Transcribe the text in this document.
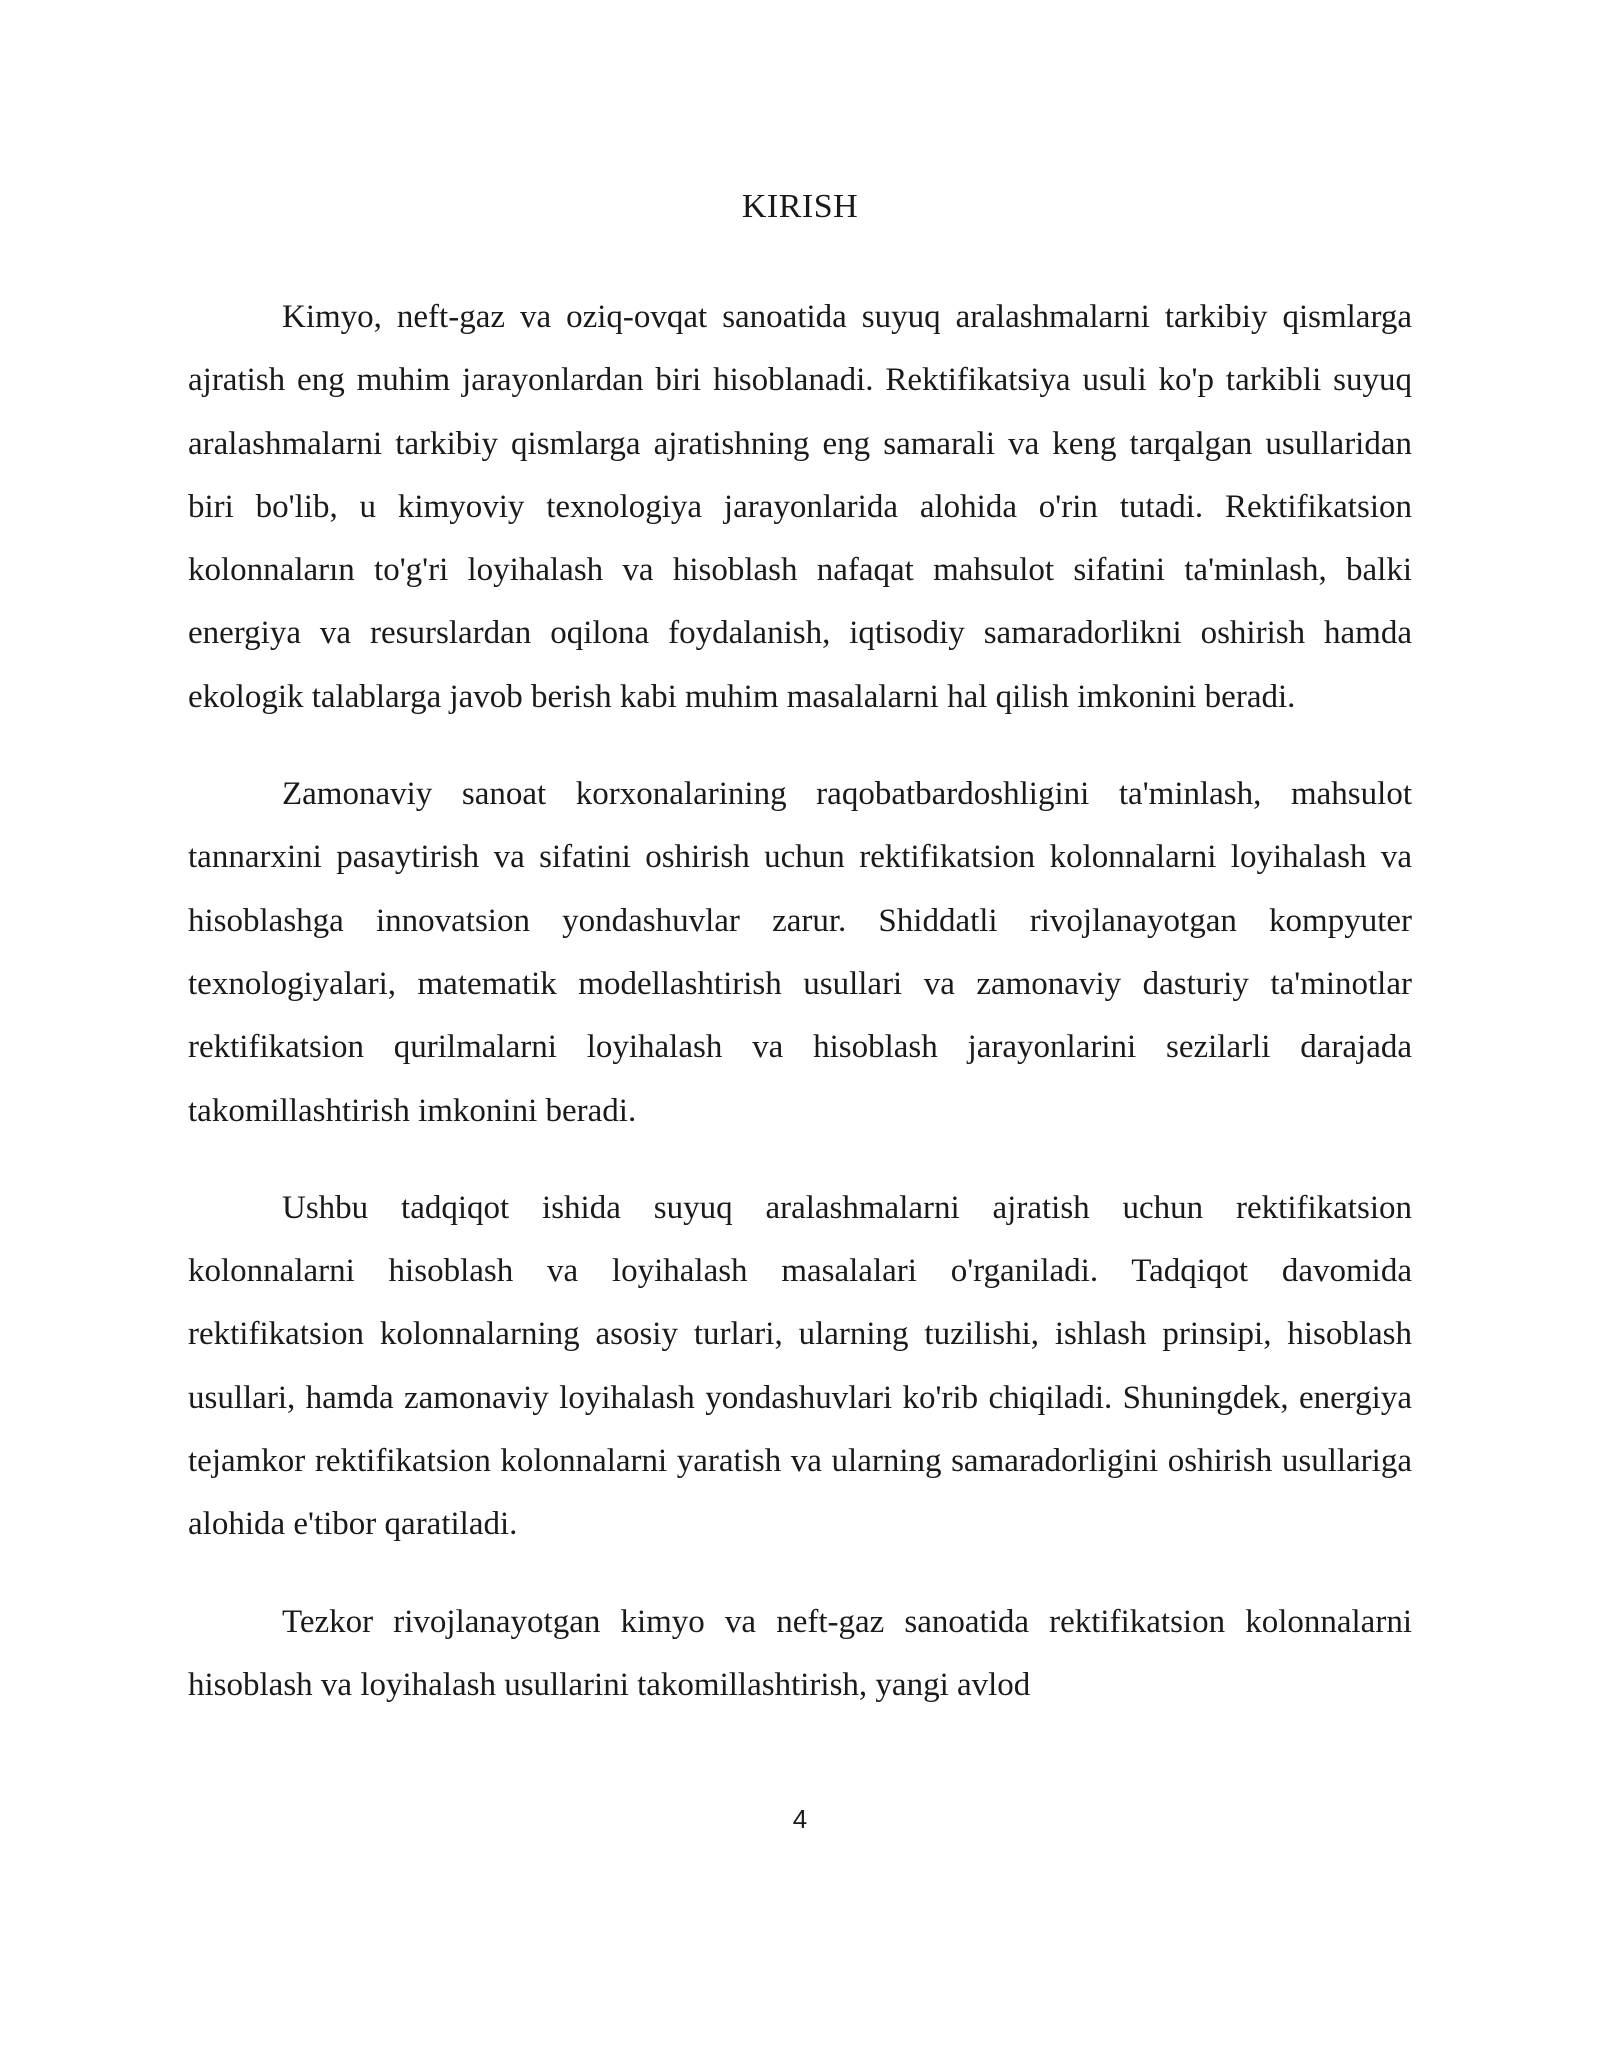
KIRISH

Kimyo, neft-gaz va oziq-ovqat sanoatida suyuq aralashmalarni tarkibiy qismlarga ajratish eng muhim jarayonlardan biri hisoblanadi. Rektifikatsiya usuli ko'p tarkibli suyuq aralashmalarni tarkibiy qismlarga ajratishning eng samarali va keng tarqalgan usullaridan biri bo'lib, u kimyoviy texnologiya jarayonlarida alohida o'rin tutadi. Rektifikatsion kolonnaların to'g'ri loyihalash va hisoblash nafaqat mahsulot sifatini ta'minlash, balki energiya va resurslardan oqilona foydalanish, iqtisodiy samaradorlikni oshirish hamda ekologik talablarga javob berish kabi muhim masalalarni hal qilish imkonini beradi.

Zamonaviy sanoat korxonalarining raqobatbardoshligini ta'minlash, mahsulot tannarxini pasaytirish va sifatini oshirish uchun rektifikatsion kolonnalarni loyihalash va hisoblashga innovatsion yondashuvlar zarur. Shiddatli rivojlanayotgan kompyuter texnologiyalari, matematik modellashtirish usullari va zamonaviy dasturiy ta'minotlar rektifikatsion qurilmalarni loyihalash va hisoblash jarayonlarini sezilarli darajada takomillashtirish imkonini beradi.

Ushbu tadqiqot ishida suyuq aralashmalarni ajratish uchun rektifikatsion kolonnalarni hisoblash va loyihalash masalalari o'rganiladi. Tadqiqot davomida rektifikatsion kolonnalarning asosiy turlari, ularning tuzilishi, ishlash prinsipi, hisoblash usullari, hamda zamonaviy loyihalash yondashuvlari ko'rib chiqiladi. Shuningdek, energiya tejamkor rektifikatsion kolonnalarni yaratish va ularning samaradorligini oshirish usullariga alohida e'tibor qaratiladi.

Tezkor rivojlanayotgan kimyo va neft-gaz sanoatida rektifikatsion kolonnalarni hisoblash va loyihalash usullarini takomillashtirish, yangi avlod

4
